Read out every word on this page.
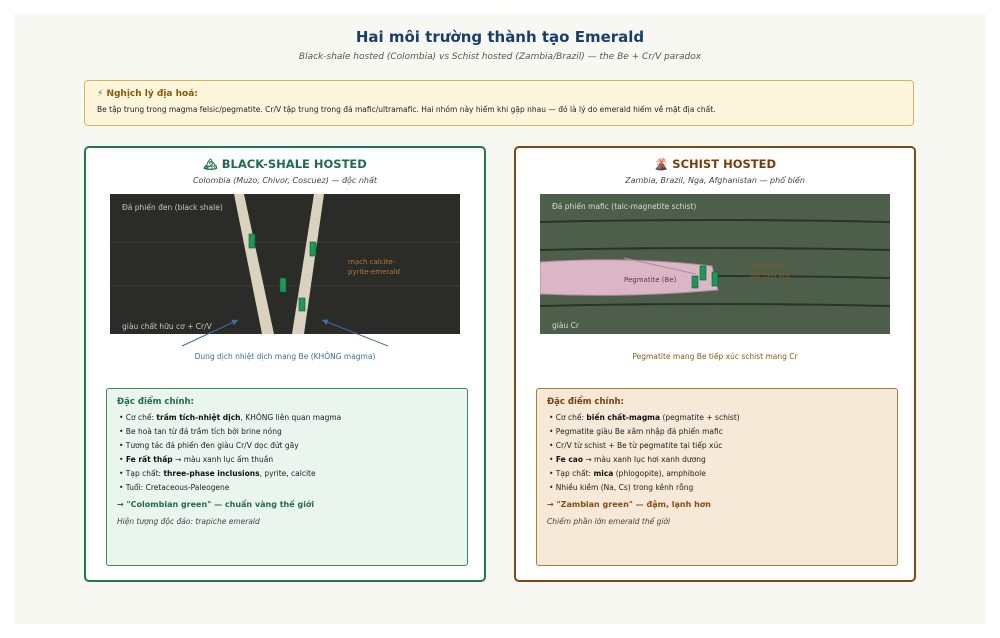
Hai môi trường thành tạo Emerald
Black-shale hosted (Colombia) vs Schist hosted (Zambia/Brazil) — the Be + Cr/V paradox
⚡ Nghịch lý địa hoá:
Be tập trung trong magma felsic/pegmatite. Cr/V tập trung trong đá mafic/ultramafic. Hai nhóm này hiếm khi gặp nhau — đó là lý do emerald hiếm về mặt địa chất.
🏔 BLACK-SHALE HOSTED
Colombia (Muzo, Chivor, Coscuez) — độc nhất
Đá phiến đen (black shale)
mạch calcite-
pyrite-emerald
giàu chất hữu cơ + Cr/V
Dung dịch nhiệt dịch mang Be (KHÔNG magma)
Đặc điểm chính:
• Cơ chế: trầm tích-nhiệt dịch, KHÔNG liên quan magma
• Be hoà tan từ đá trầm tích bởi brine nóng
• Tương tác đá phiến đen giàu Cr/V dọc đứt gãy
• Fe rất thấp → màu xanh lục ấm thuần
• Tạp chất: three-phase inclusions, pyrite, calcite
• Tuổi: Cretaceous-Paleogene
→ "Colombian green" — chuẩn vàng thế giới
Hiện tượng độc đáo: trapiche emerald
🌋 SCHIST HOSTED
Zambia, Brazil, Nga, Afghanistan — phổ biến
Đá phiến mafic (talc-magnetite schist)
Pegmatite (Be)
emerald ở
đới tiếp xúc
giàu Cr
Pegmatite mang Be tiếp xúc schist mang Cr
Đặc điểm chính:
• Cơ chế: biến chất-magma (pegmatite + schist)
• Pegmatite giàu Be xâm nhập đá phiến mafic
• Cr/V từ schist + Be từ pegmatite tại tiếp xúc
• Fe cao → màu xanh lục hơi xanh dương
• Tạp chất: mica (phlogopite), amphibole
• Nhiều kiềm (Na, Cs) trong kênh rỗng
→ "Zambian green" — đậm, lạnh hơn
Chiếm phần lớn emerald thế giới
